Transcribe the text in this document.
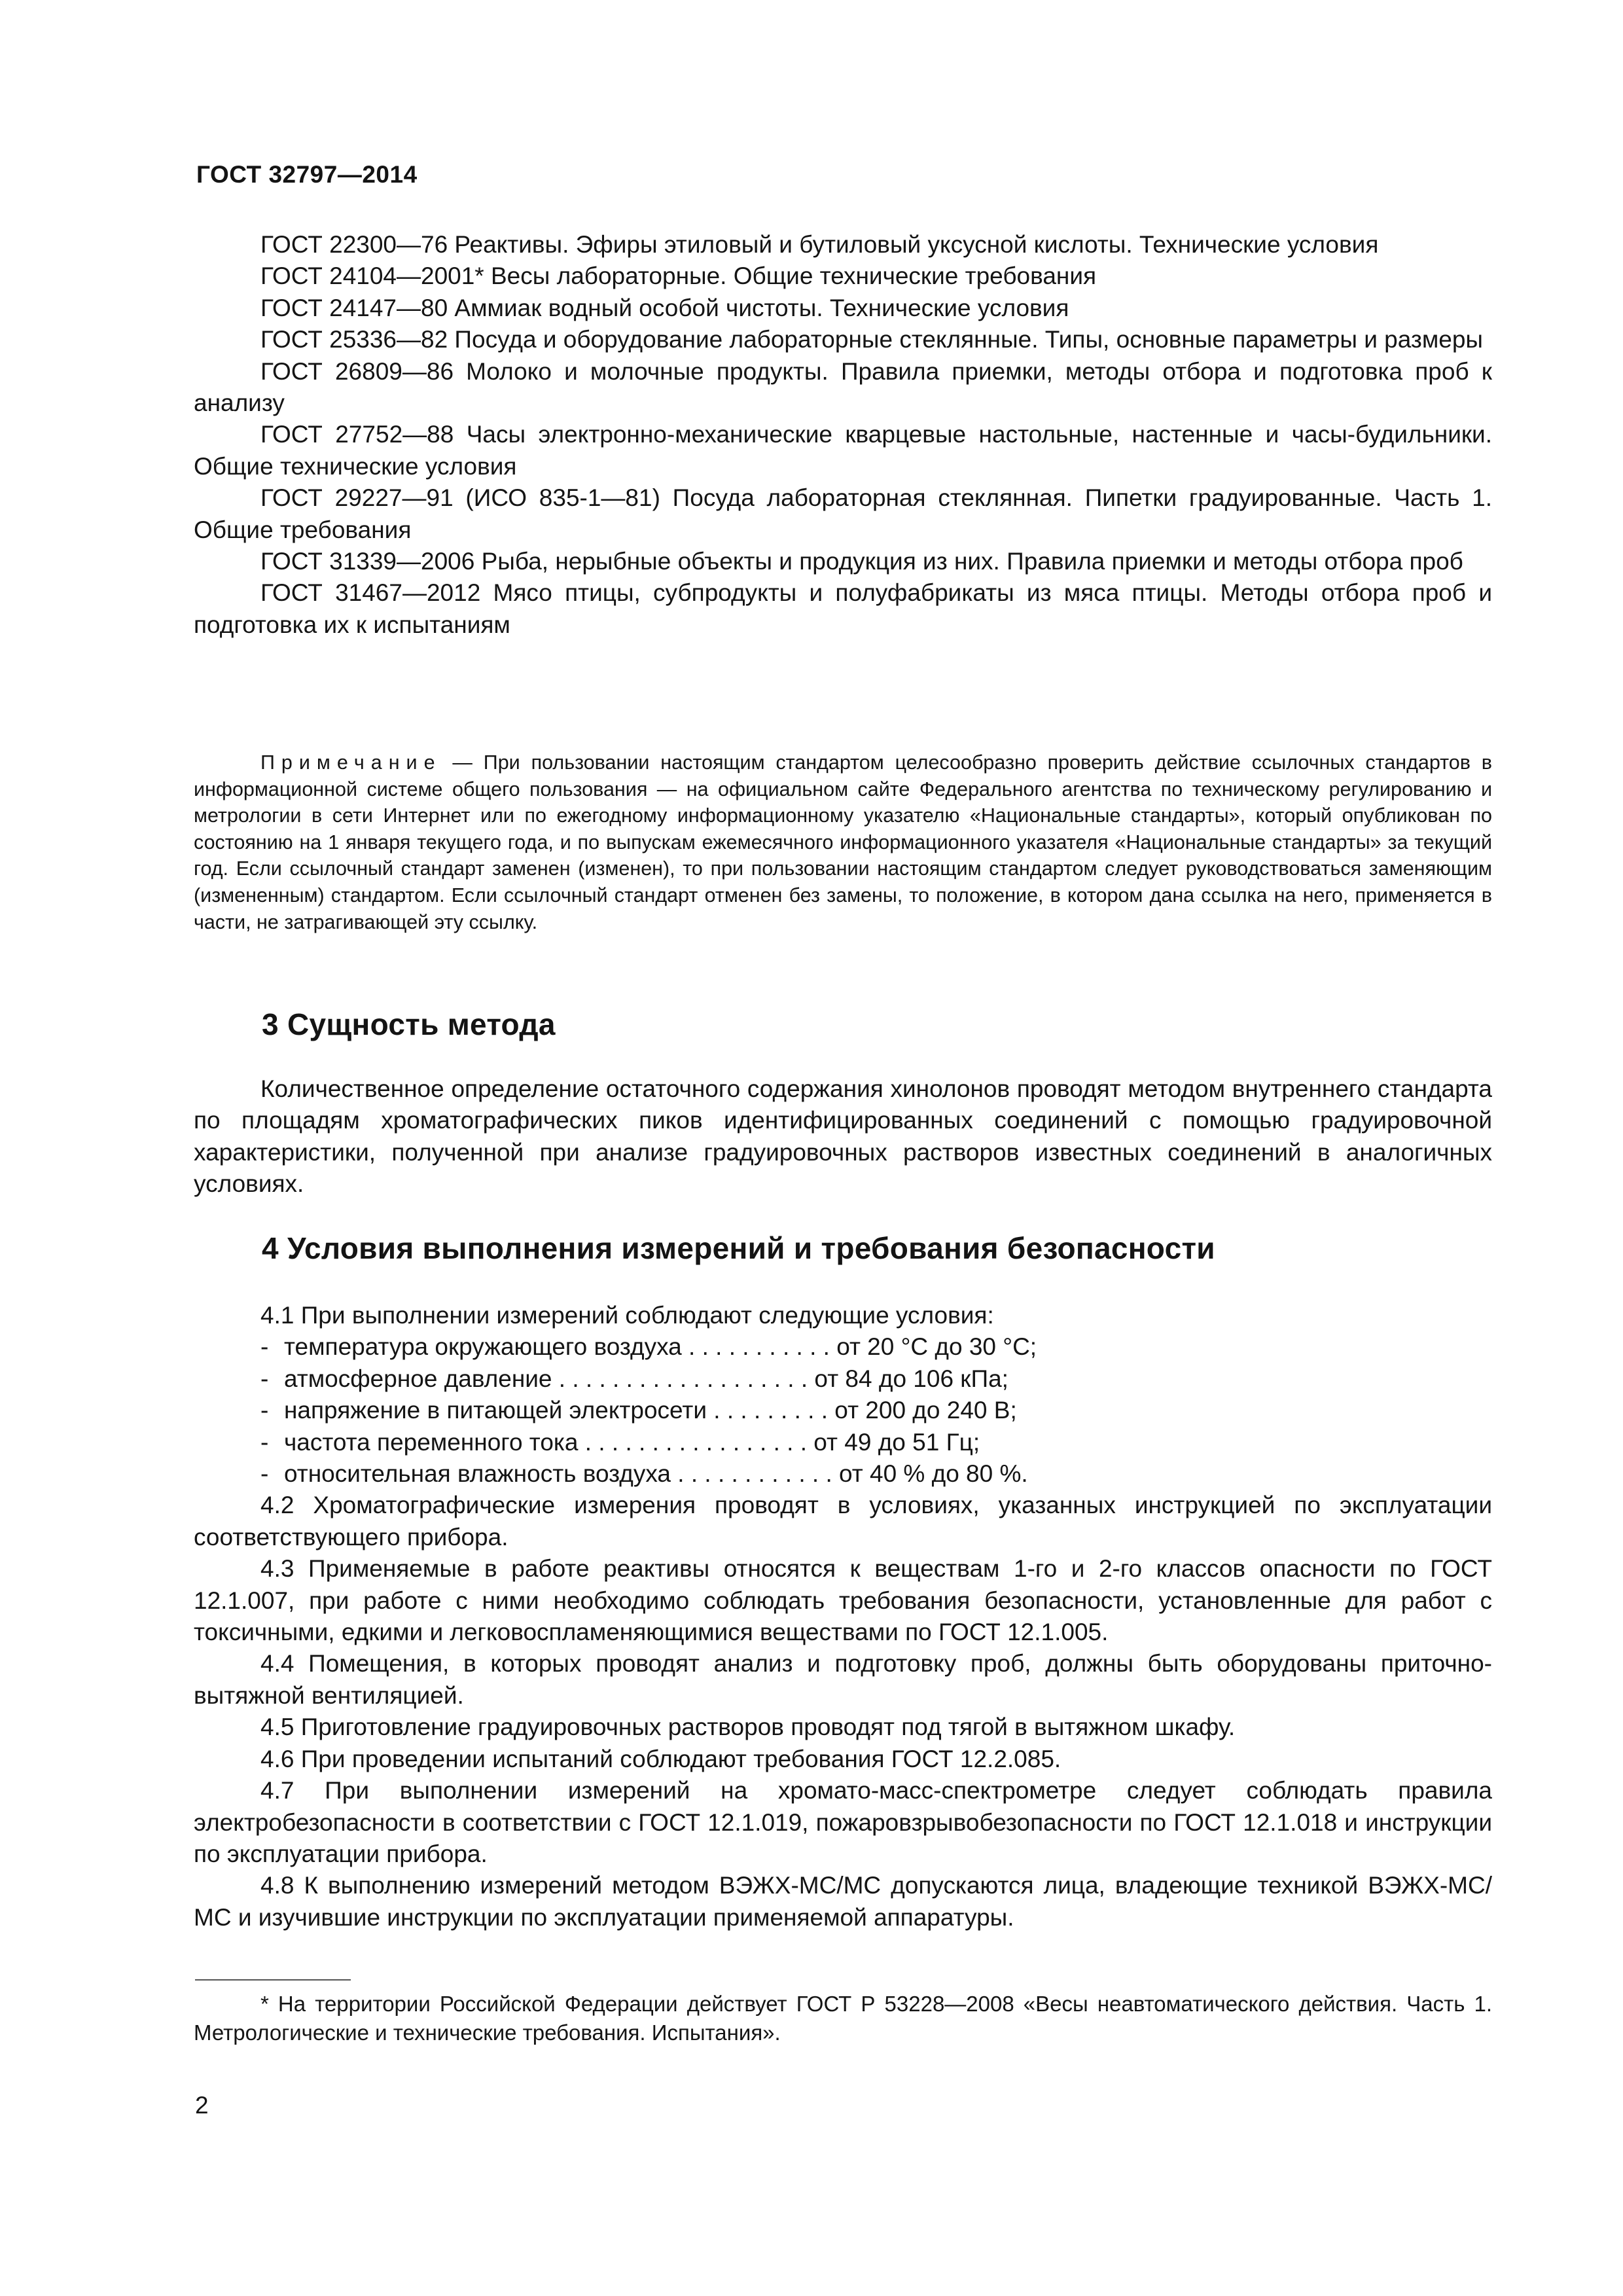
ГОСТ 32797—2014

ГОСТ 22300—76 Реактивы. Эфиры этиловый и бутиловый уксусной кислоты. Технические условия

ГОСТ 24104—2001* Весы лабораторные. Общие технические требования

ГОСТ 24147—80 Аммиак водный особой чистоты. Технические условия

ГОСТ 25336—82 Посуда и оборудование лабораторные стеклянные. Типы, основные параметры и размеры

ГОСТ 26809—86 Молоко и молочные продукты. Правила приемки, методы отбора и подготовка проб к анализу

ГОСТ 27752—88 Часы электронно-механические кварцевые настольные, настенные и часы-будильники. Общие технические условия

ГОСТ 29227—91 (ИСО 835-1—81) Посуда лабораторная стеклянная. Пипетки градуированные. Часть 1. Общие требования

ГОСТ 31339—2006 Рыба, нерыбные объекты и продукция из них. Правила приемки и методы отбора проб

ГОСТ 31467—2012 Мясо птицы, субпродукты и полуфабрикаты из мяса птицы. Методы отбора проб и подготовка их к испытаниям

Примечание — При пользовании настоящим стандартом целесообразно проверить действие ссылочных стандартов в информационной системе общего пользования — на официальном сайте Федерального агентства по техническому регулированию и метрологии в сети Интернет или по ежегодному информационному указателю «Национальные стандарты», который опубликован по состоянию на 1 января текущего года, и по выпускам ежемесячного информационного указателя «Национальные стандарты» за текущий год. Если ссылочный стандарт заменен (изменен), то при пользовании настоящим стандартом следует руководствоваться заменяющим (измененным) стандартом. Если ссылочный стандарт отменен без замены, то положение, в котором дана ссылка на него, применяется в части, не затрагивающей эту ссылку.

3 Сущность метода

Количественное определение остаточного содержания хинолонов проводят методом внутреннего стандарта по площадям хроматографических пиков идентифицированных соединений с помощью градуировочной характеристики, полученной при анализе градуировочных растворов известных соединений в аналогичных условиях.

4 Условия выполнения измерений и требования безопасности

4.1 При выполнении измерений соблюдают следующие условия:

- температура окружающего воздуха . . . . . . . . . . . от 20 °С до 30 °С;
- атмосферное давление . . . . . . . . . . . . . . . . . . . от 84 до 106 кПа;
- напряжение в питающей электросети . . . . . . . . . от 200 до 240 В;
- частота переменного тока . . . . . . . . . . . . . . . . . от 49 до 51 Гц;
- относительная влажность воздуха . . . . . . . . . . . . от 40 % до 80 %.

4.2 Хроматографические измерения проводят в условиях, указанных инструкцией по эксплуатации соответствующего прибора.

4.3 Применяемые в работе реактивы относятся к веществам 1-го и 2-го классов опасности по ГОСТ 12.1.007, при работе с ними необходимо соблюдать требования безопасности, установленные для работ с токсичными, едкими и легковоспламеняющимися веществами по ГОСТ 12.1.005.

4.4 Помещения, в которых проводят анализ и подготовку проб, должны быть оборудованы приточно-вытяжной вентиляцией.

4.5 Приготовление градуировочных растворов проводят под тягой в вытяжном шкафу.

4.6 При проведении испытаний соблюдают требования ГОСТ 12.2.085.

4.7 При выполнении измерений на хромато-масс-спектрометре следует соблюдать правила электробезопасности в соответствии с ГОСТ 12.1.019, пожаровзрывобезопасности по ГОСТ 12.1.018 и инструкции по эксплуатации прибора.

4.8 К выполнению измерений методом ВЭЖХ-МС/МС допускаются лица, владеющие техникой ВЭЖХ-МС/МС и изучившие инструкции по эксплуатации применяемой аппаратуры.

* На территории Российской Федерации действует ГОСТ Р 53228—2008 «Весы неавтоматического действия. Часть 1. Метрологические и технические требования. Испытания».

2
